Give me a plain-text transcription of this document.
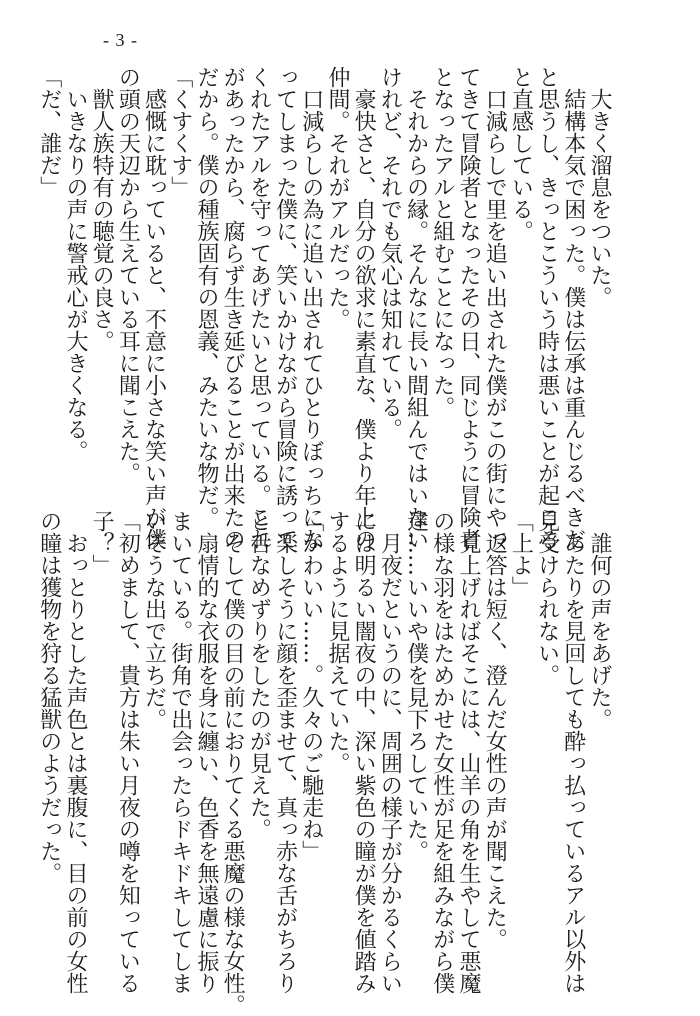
- 3 -
　大きく溜息をついた。
　結構本気で困った。僕は伝承は重んじるべきだ
と思うし、きっとこういう時は悪いことが起こる
と直感している。
　口減らしで里を追い出された僕がこの街にやっ
てきて冒険者となったその日、同じように冒険者
となったアルと組むことになった。
　それからの縁。そんなに長い間組んではいない
けれど、それでも気心は知れている。
　豪快さと、自分の欲求に素直な、僕より年上の
仲間。それがアルだった。
　口減らしの為に追い出されてひとりぼっちにな
ってしまった僕に、笑いかけながら冒険に誘って
くれたアルを守ってあげたいと思っている。これ
があったから、腐らず生き延びることが出来たの
だから。僕の種族固有の恩義、みたいな物だ。
「くすくす」
　感慨に耽っていると、不意に小さな笑い声が僕
の頭の天辺から生えている耳に聞こえた。
　獣人族特有の聴覚の良さ。
　いきなりの声に警戒心が大きくなる。
「だ、誰だ」
　誰何の声をあげた。
　あたりを見回しても酔っ払っているアル以外は
見受けられない。
「上よ」
　返答は短く、澄んだ女性の声が聞こえた。
　見上げればそこには、山羊の角を生やして悪魔
の様な羽をはためかせた女性が足を組みながら僕
達……いいや僕を見下ろしていた。
　月夜だというのに、周囲の様子が分かるくらい
には明るい闇夜の中、深い紫色の瞳が僕を値踏み
するように見据えていた。
「かわいい……。久々のご馳走ね」
　楽しそうに顔を歪ませて、真っ赤な舌がちろり
と舌なめずりをしたのが見えた。
　そして僕の目の前におりてくる悪魔の様な女性。
　扇情的な衣服を身に纏い、色香を無遠慮に振り
まいている。街角で出会ったらドキドキしてしま
いそうな出で立ちだ。
「初めまして、貴方は朱い月夜の噂を知っている
子？」
　おっとりとした声色とは裏腹に、目の前の女性
の瞳は獲物を狩る猛獣のようだった。
